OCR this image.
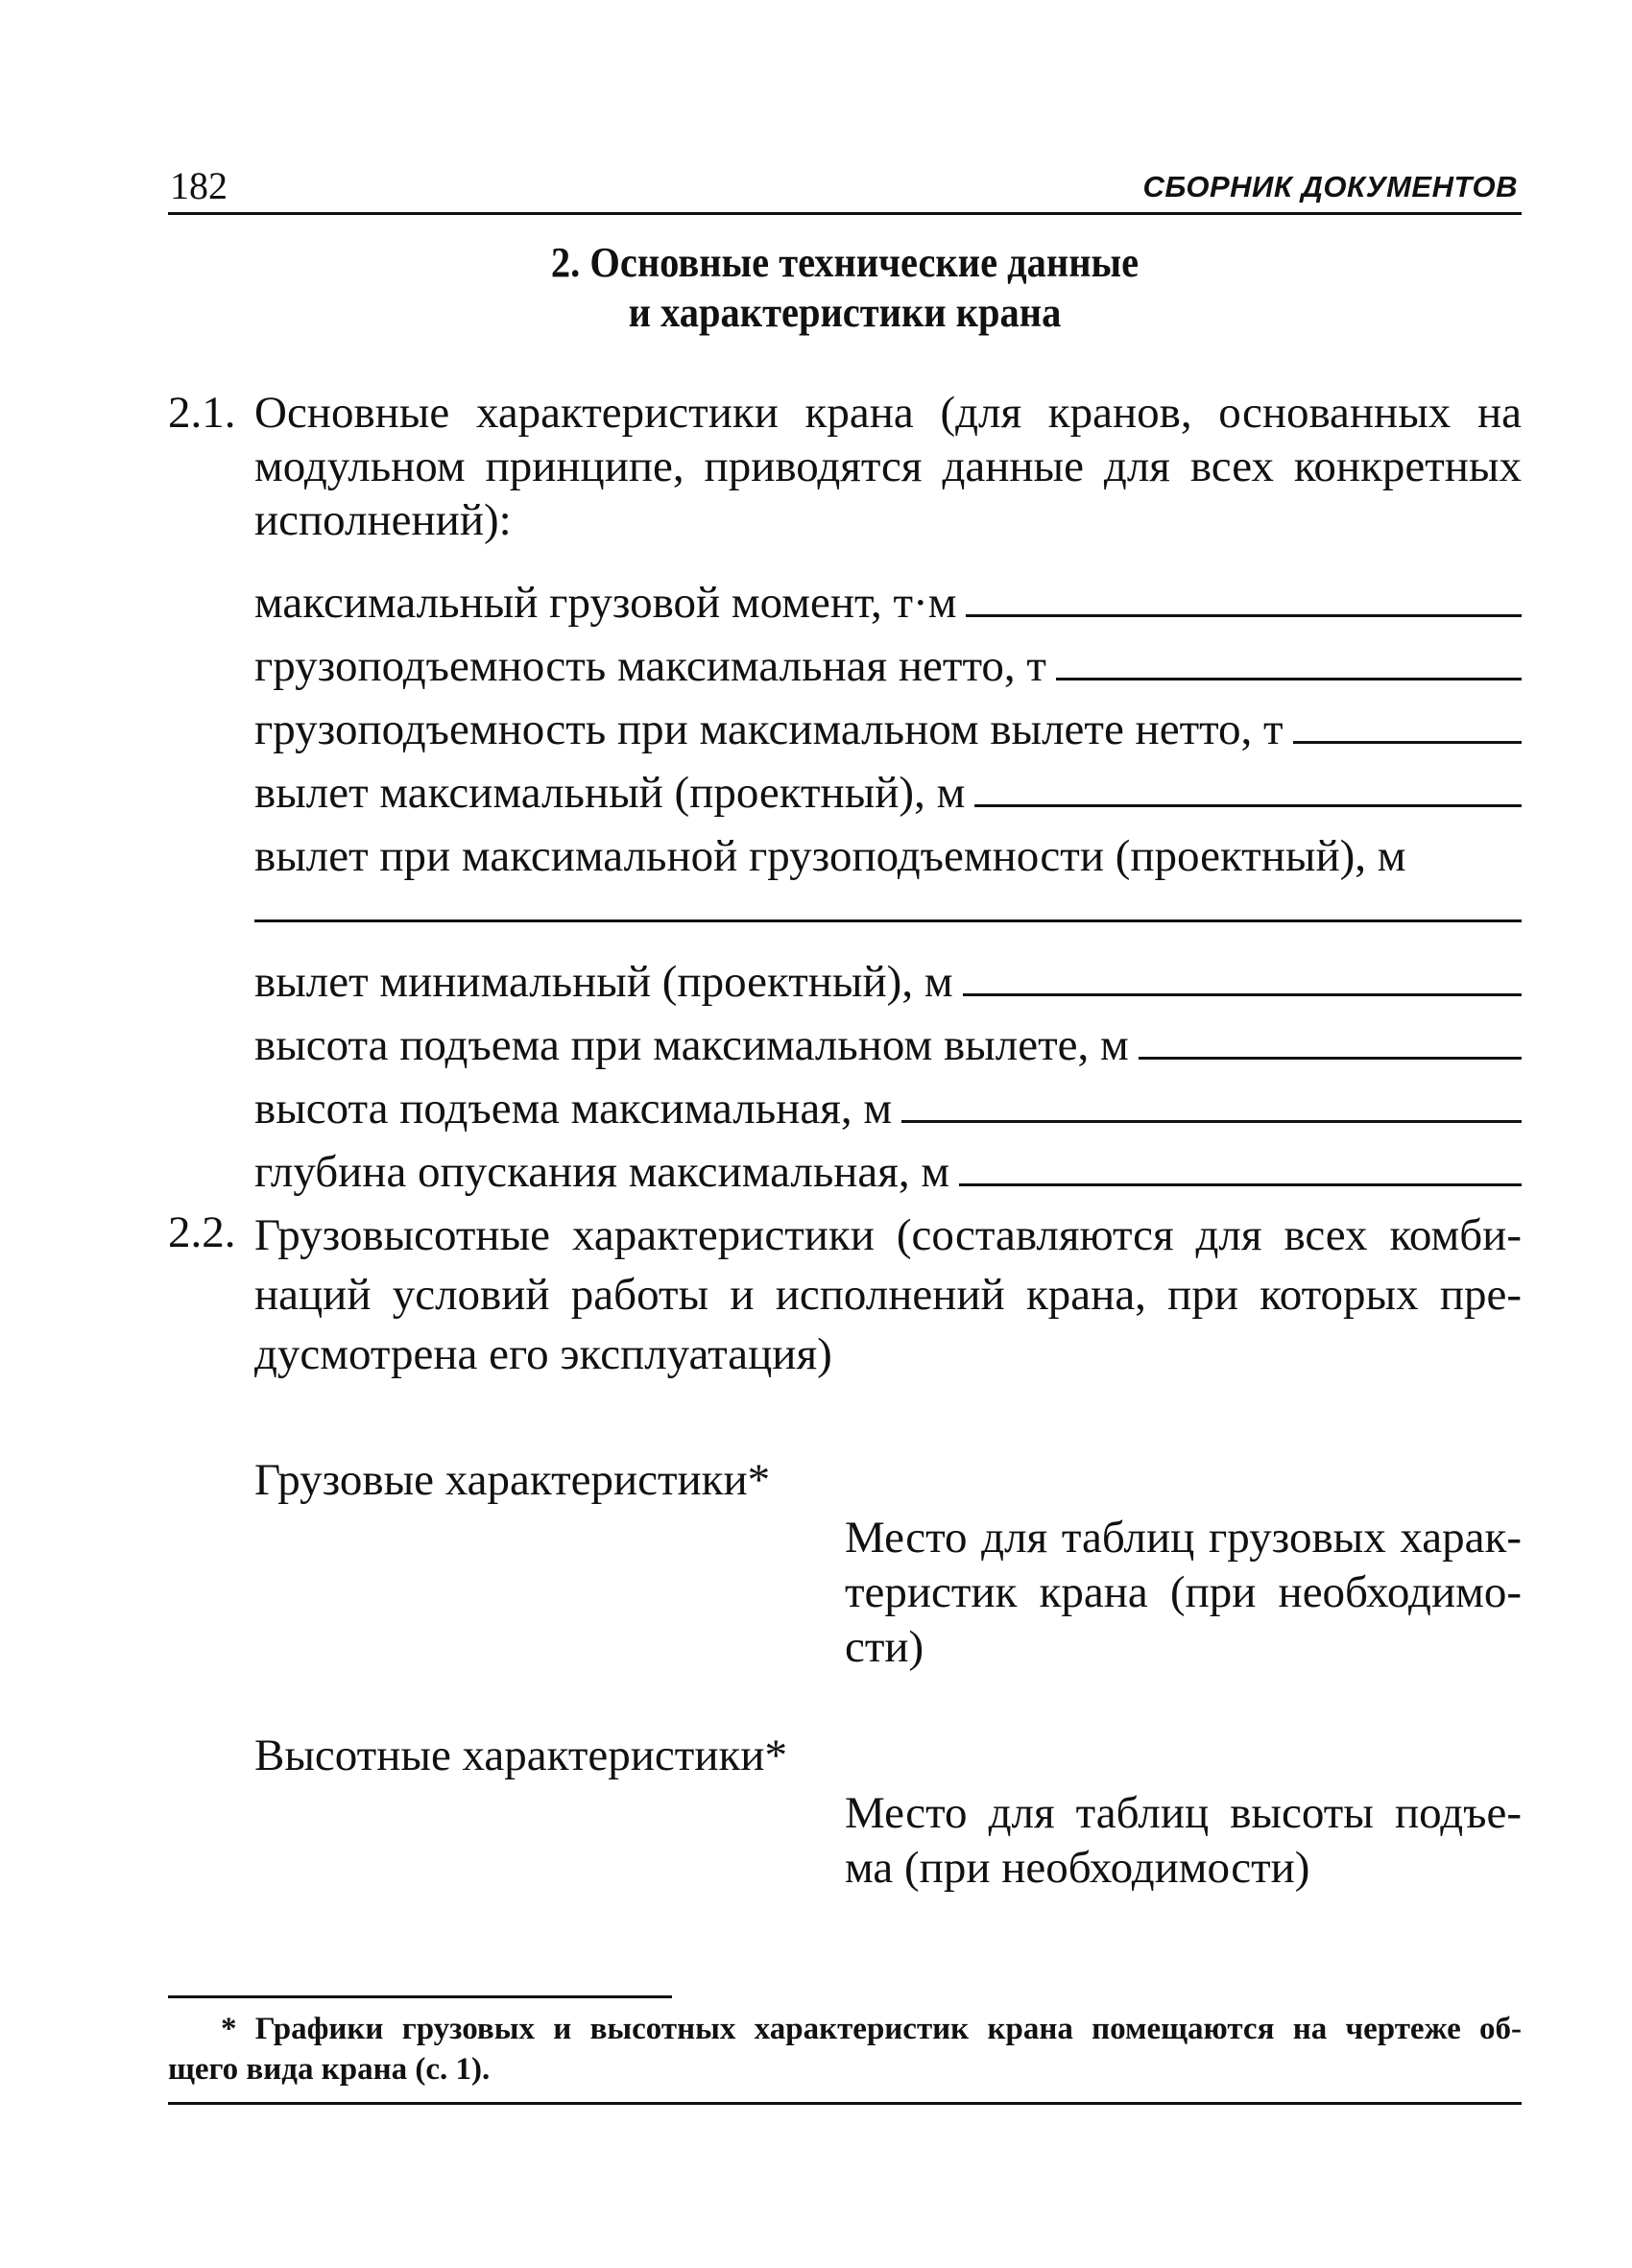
182	СБОРНИК ДОКУМЕНТОВ
2. Основные технические данные
и характеристики крана
2.1. Основные характеристики крана (для кранов, основанных на
модульном принципе, приводятся данные для всех конкретных
исполнений):
максимальный грузовой момент, т·м
грузоподъемность максимальная нетто, т
грузоподъемность при максимальном вылете нетто, т
вылет максимальный (проектный), м
вылет при максимальной грузоподъемности (проектный), м
вылет минимальный (проектный), м
высота подъема при максимальном вылете, м
высота подъема максимальная, м
глубина опускания максимальная, м
2.2. Грузовысотные характеристики (составляются для всех комби-
наций условий работы и исполнений крана, при которых пре-
дусмотрена его эксплуатация)
Грузовые характеристики*
Место для таблиц грузовых харак-
теристик крана (при необходимо-
сти)
Высотные характеристики*
Место для таблиц высоты подъе-
ма (при необходимости)
* Графики грузовых и высотных характеристик крана помещаются на чертеже об-
щего вида крана (с. 1).
